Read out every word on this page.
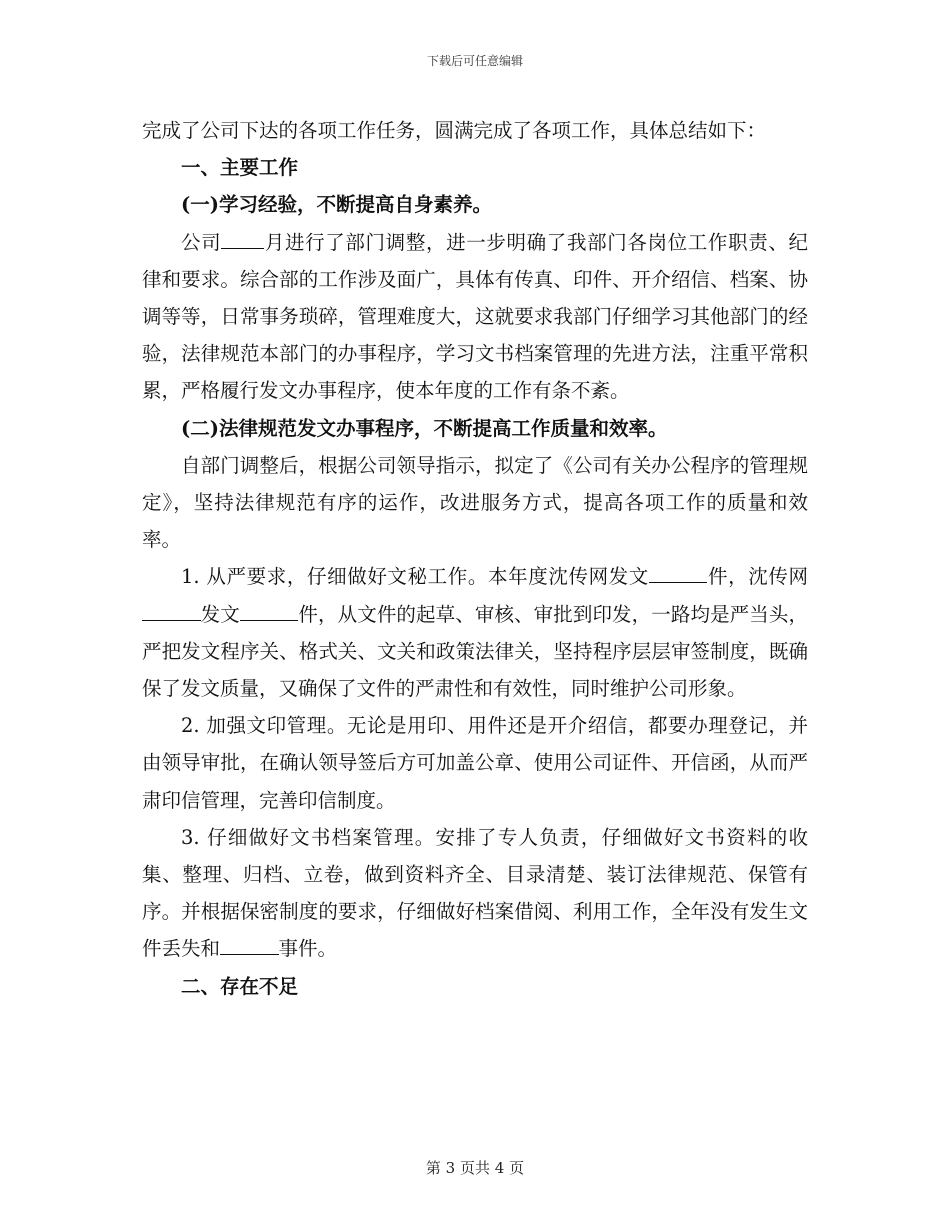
下载后可任意编辑

完成了公司下达的各项工作任务，圆满完成了各项工作，具体总结如下：

一、主要工作

(一)学习经验，不断提高自身素养。

公司 月进行了部门调整，进一步明确了我部门各岗位工作职责、纪律和要求。综合部的工作涉及面广，具体有传真、印件、开介绍信、档案、协调等等，日常事务琐碎，管理难度大，这就要求我部门仔细学习其他部门的经验，法律规范本部门的办事程序，学习文书档案管理的先进方法，注重平常积累，严格履行发文办事程序，使本年度的工作有条不紊。

(二)法律规范发文办事程序，不断提高工作质量和效率。

自部门调整后，根据公司领导指示，拟定了《公司有关办公程序的管理规定》，坚持法律规范有序的运作，改进服务方式，提高各项工作的质量和效率。

1. 从严要求，仔细做好文秘工作。本年度沈传网发文	件，沈传网发文	件，从文件的起草、审核、审批到印发，一路均是严当头，严把发文程序关、格式关、文关和政策法律关，坚持程序层层审签制度，既确保了发文质量，又确保了文件的严肃性和有效性，同时维护公司形象。

2. 加强文印管理。无论是用印、用件还是开介绍信，都要办理登记，并由领导审批，在确认领导签后方可加盖公章、使用公司证件、开信函，从而严肃印信管理，完善印信制度。

3. 仔细做好文书档案管理。安排了专人负责，仔细做好文书资料的收集、整理、归档、立卷，做到资料齐全、目录清楚、装订法律规范、保管有序。并根据保密制度的要求，仔细做好档案借阅、利用工作，全年没有发生文件丢失和	事件。

二、存在不足

第 3 页共 4 页
